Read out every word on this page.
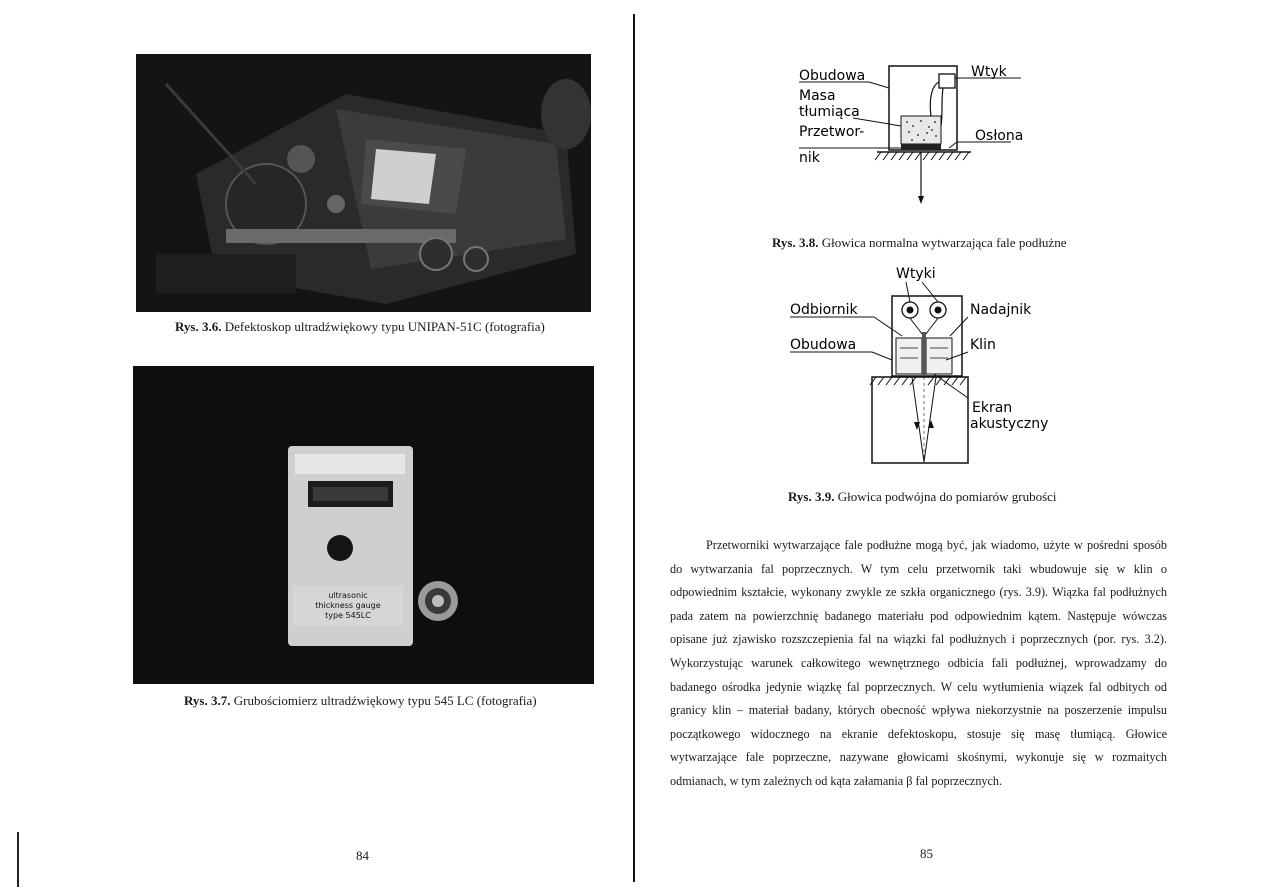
Rys. 3.6. Defektoskop ultradźwiękowy typu UNIPAN-51C (fotografia)
ultrasonic
thickness gauge
type 545LC
Rys. 3.7. Grubościomierz ultradźwiękowy typu 545 LC (fotografia)
84
Obudowa
Masa
tłumiąca
Przetwor-
nik
Wtyk
Osłona
Rys. 3.8. Głowica normalna wytwarzająca fale podłużne
Wtyki
Odbiornik	Nadajnik
Obudowa	Klin
Ekran
akustyczny
Rys. 3.9. Głowica podwójna do pomiarów grubości

Przetworniki wytwarzające fale podłużne mogą być, jak wiadomo, użyte w pośredni sposób do wytwarzania fal poprzecznych. W tym celu przetwornik taki wbudowuje się w klin o odpowiednim kształcie, wykonany zwykle ze szkła organicznego (rys. 3.9). Wiązka fal podłużnych pada zatem na powierzchnię badanego materiału pod odpowiednim kątem. Następuje wówczas opisane już zjawisko rozszczepienia fal na wiązki fal podłużnych i poprzecznych (por. rys. 3.2). Wykorzystując warunek całkowitego wewnętrznego odbicia fali podłużnej, wprowadzamy do badanego ośrodka jedynie wiązkę fal poprzecznych. W celu wytłumienia wiązek fal odbitych od granicy klin – materiał badany, których obecność wpływa niekorzystnie na poszerzenie impulsu początkowego widocznego na ekranie defektoskopu, stosuje się masę tłumiącą. Głowice wytwarzające fale poprzeczne, nazywane głowicami skośnymi, wykonuje się w rozmaitych odmianach, w tym zależnych od kąta załamania β fal poprzecznych.

85
